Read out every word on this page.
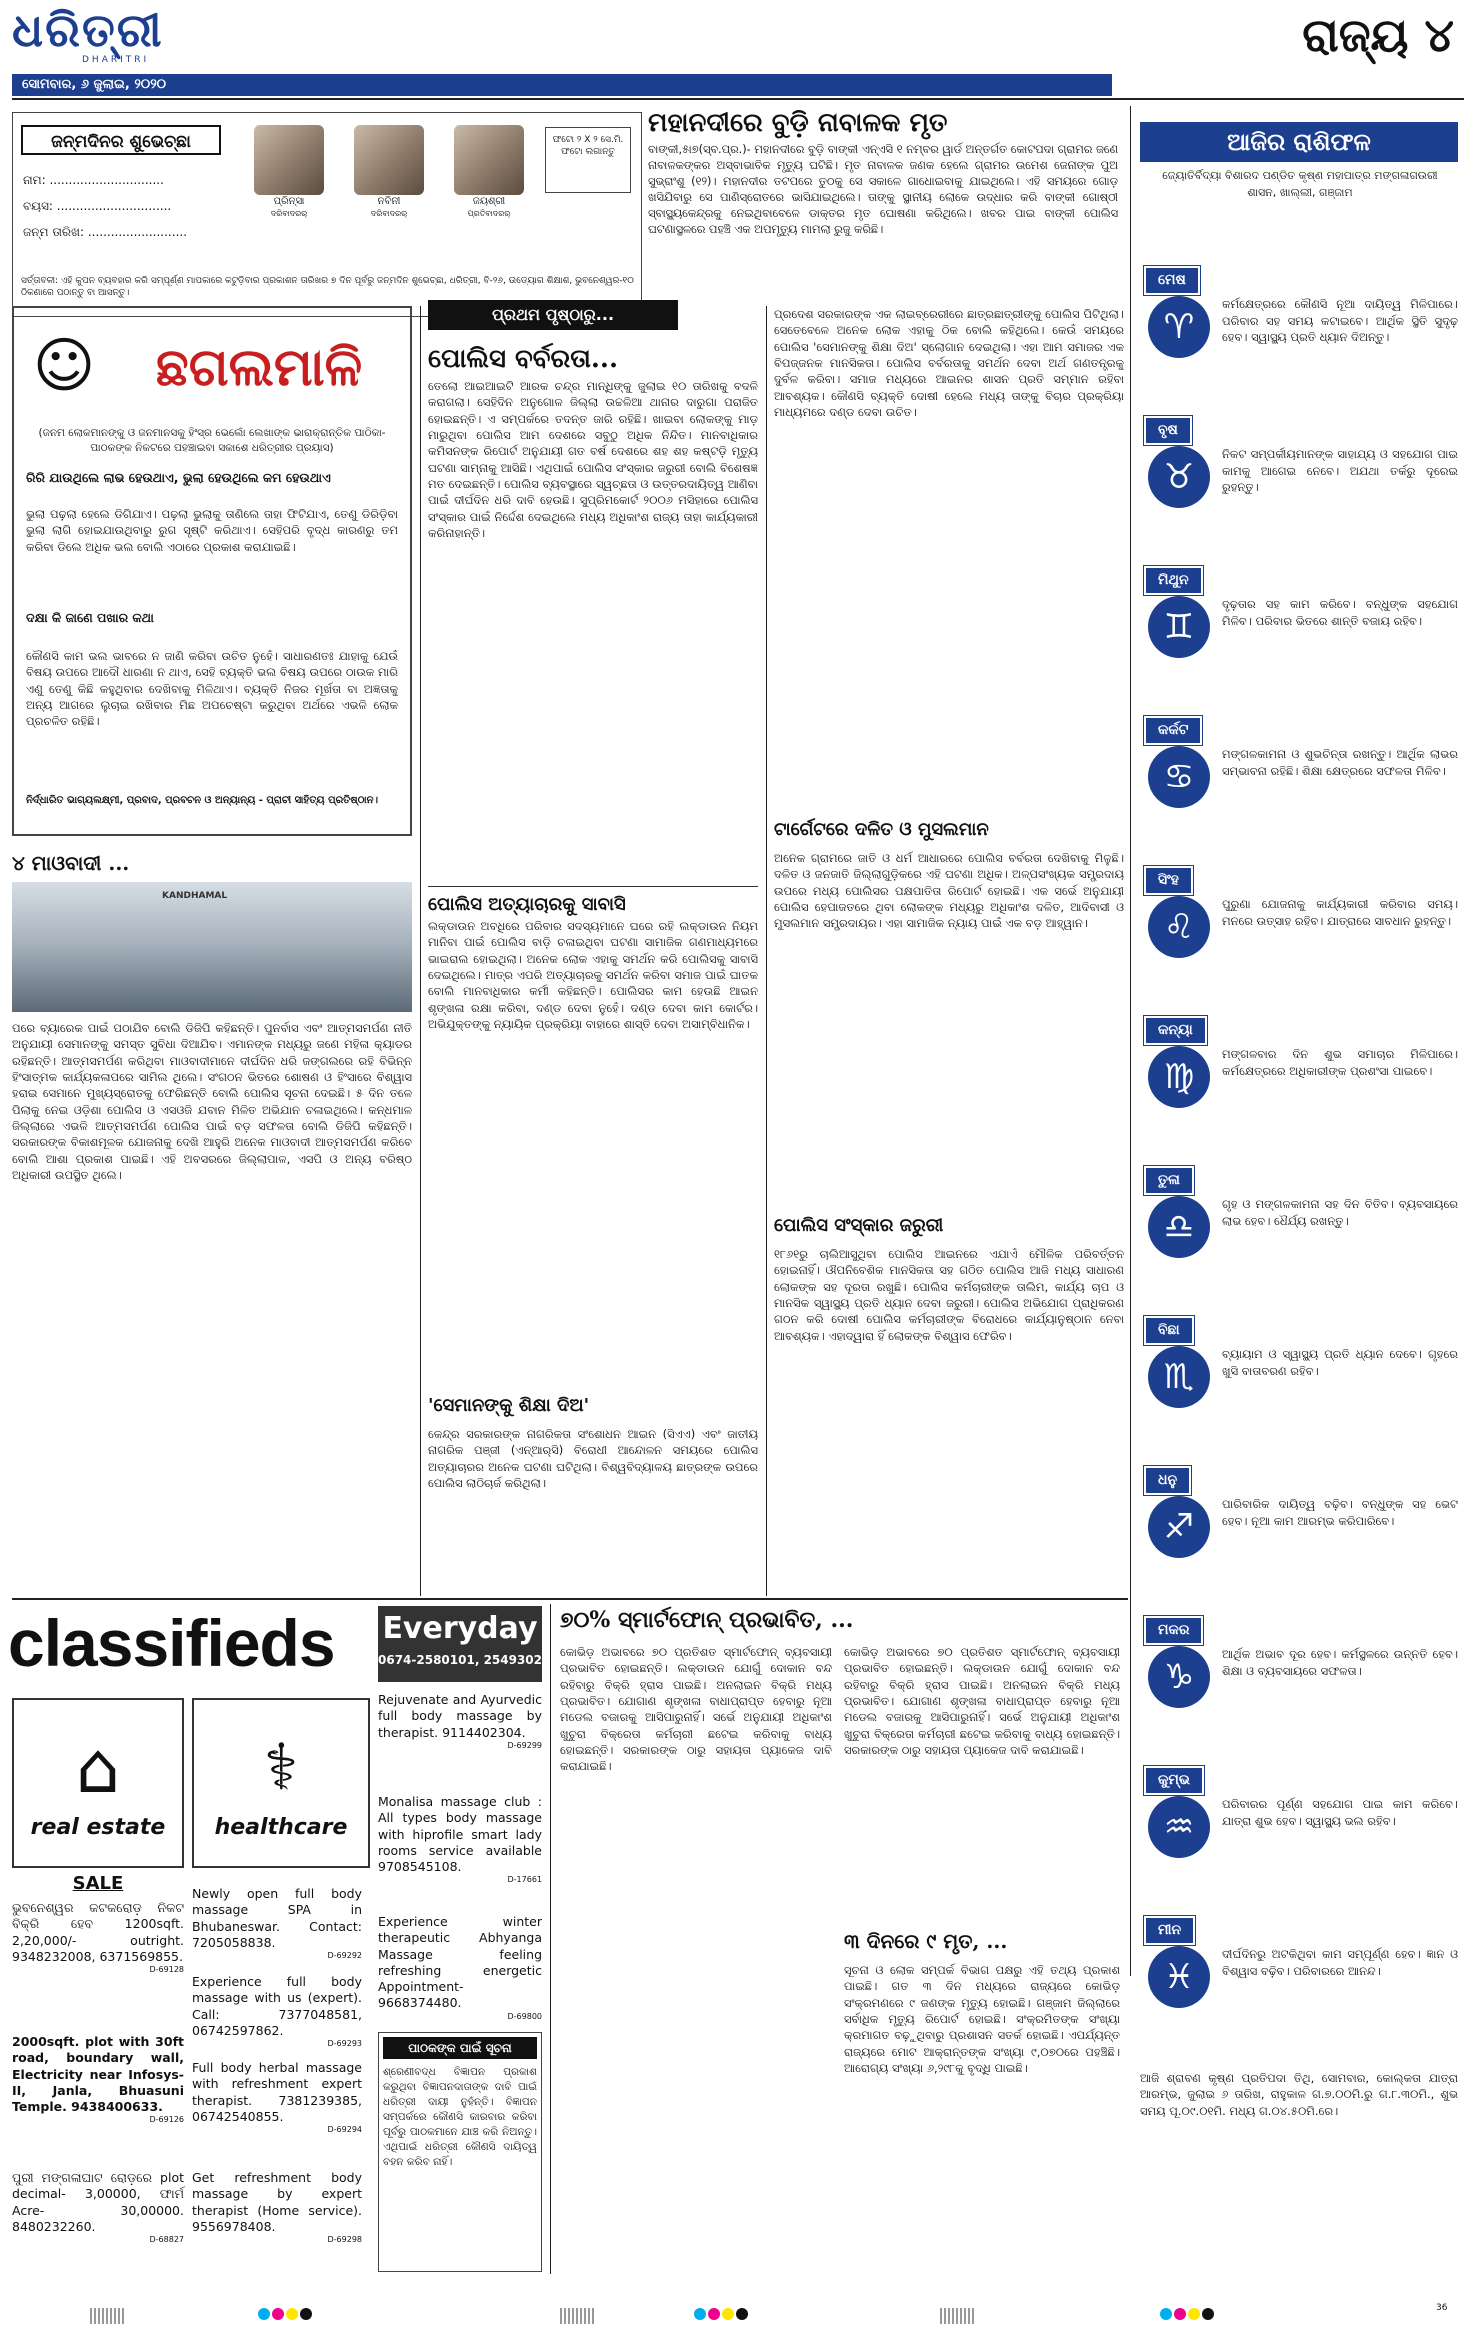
ଧରିତ୍ରୀ
DHARITRI
ସୋମବାର, ୬ ଜୁଲାଇ, ୨୦୨୦
ରାଜ୍ୟ ୪
ଜନ୍ମଦିନର ଶୁଭେଚ୍ଛା
ନାମ: ..............................
ବୟସ: ..............................
ଜନ୍ମ ତାରିଖ: ..........................
ପ୍ରିନ୍ସା
ଦରିବାଦରର୍
ନବିନୀ
ଦରିବାଦରର୍
ଜୟଶ୍ରୀ
ପ୍ରତିବାଦରର୍
ଫଟୋ ୨ X ୨ ସେ.ମି. ଫଟୋ ଲଗାନ୍ତୁ
ସର୍ତ୍ତାବଳୀ: ଏହି କୁପନ ବ୍ୟବହାର କରି ସମ୍ପୂର୍ଣ୍ଣ ମାପକାରେ କଟୁଡ଼ିବାର ପ୍ରକାଶନ ତାରିଖର ୭ ଦିନ ପୂର୍ବରୁ ଜନ୍ମଦିନ ଶୁଭେଚ୍ଛା, ଧରିତ୍ରୀ, ବି-୨୬, ଉଡ୍ୟୋଗ ଶିକ୍ଷାଶ, ଭୁବନେଶ୍ୱର-୧୦ ଠିକଣାରେ ପଠାନ୍ତୁ ବା ଆସନ୍ତୁ।
ମହାନଦୀରେ ବୁଡ଼ି ନାବାଳକ ମୃତ
ବାଙ୍କୀ,୫ା୭(ସ୍ବ.ପ୍ର.)- ମହାନଦୀରେ ବୁଡ଼ି ବାଙ୍କୀ ଏନ୍‌ଏସି ୧ ନମ୍ବର ୱାର୍ଡ ଅନ୍ତର୍ଗତ କୋଟପଦା ଗ୍ରାମର ଜଣେ ନାବାଳକଙ୍କର ଅସ୍ବାଭାବିକ ମୃତ୍ୟୁ ଘଟିଛି। ମୃତ ନାବାଳକ ଜଣକ ହେଲେ ଗ୍ରାମର ଉମେଶ ଜେନାଙ୍କ ପୁଅ ସୁଭ୍ରାଂଶୁ (୧୨)। ମହାନଦୀର ତଟପରେ ତୁଠକୁ ସେ ସକାଳେ ଗାଧୋଇବାକୁ ଯାଇଥିଲେ। ଏହି ସମୟରେ ଗୋଡ଼ ଖସିଯିବାରୁ ସେ ପାଣିସ୍ରୋତରେ ଭାସିଯାଇଥିଲେ। ତାଙ୍କୁ ସ୍ଥାନୀୟ ଲୋକେ ଉଦ୍ଧାର କରି ବାଙ୍କୀ ଗୋଷ୍ଠୀ ସ୍ବାସ୍ଥ୍ୟକେନ୍ଦ୍ରକୁ ନେଇଥିବାବେଳେ ଡାକ୍ତର ମୃତ ଘୋଷଣା କରିଥିଲେ। ଖବର ପାଇ ବାଙ୍କୀ ପୋଲିସ ଘଟଣାସ୍ଥଳରେ ପହଞ୍ଚି ଏକ ଅପମୃତ୍ୟୁ ମାମଲା ରୁଜୁ କରିଛି।
ଆଜିର ରାଶିଫଳ
ଜ୍ୟୋତିର୍ବିଦ୍ୟା ବିଶାରଦ ପଣ୍ଡିତ କୃଷ୍ଣ ମହାପାତ୍ର ମଙ୍ଗଳାଗଉରୀ ଶାସନ, ଖାଲ୍ଲୀ, ଗଞ୍ଜାମ
ମେଷ
♈
କର୍ମକ୍ଷେତ୍ରରେ କୌଣସି ନୂଆ ଦାୟିତ୍ୱ ମିଳିପାରେ। ପରିବାର ସହ ସମୟ କଟାଇବେ। ଆର୍ଥିକ ସ୍ଥିତି ସୁଦୃଢ଼ ହେବ। ସ୍ୱାସ୍ଥ୍ୟ ପ୍ରତି ଧ୍ୟାନ ଦିଅନ୍ତୁ।
ବୃଷ
♉
ନିକଟ ସମ୍ପର୍କୀୟମାନଙ୍କ ସାହାଯ୍ୟ ଓ ସହଯୋଗ ପାଇ କାମକୁ ଆଗେଇ ନେବେ। ଅଯଥା ତର୍କରୁ ଦୂରେଇ ରୁହନ୍ତୁ।
ମିଥୁନ
♊
ଦୃଢ଼ତାର ସହ କାମ କରିବେ। ବନ୍ଧୁଙ୍କ ସହଯୋଗ ମିଳିବ। ପରିବାର ଭିତରେ ଶାନ୍ତି ବଜାୟ ରହିବ।
କର୍କଟ
♋
ମଙ୍ଗଳକାମନା ଓ ଶୁଭଚିନ୍ତା ରଖନ୍ତୁ। ଆର୍ଥିକ ଲାଭର ସମ୍ଭାବନା ରହିଛି। ଶିକ୍ଷା କ୍ଷେତ୍ରରେ ସଫଳତା ମିଳିବ।
ସିଂହ
♌
ପୁରୁଣା ଯୋଜନାକୁ କାର୍ଯ୍ୟକାରୀ କରିବାର ସମୟ। ମନରେ ଉତ୍ସାହ ରହିବ। ଯାତ୍ରାରେ ସାବଧାନ ରୁହନ୍ତୁ।
କନ୍ୟା
♍
ମଙ୍ଗଳବାର ଦିନ ଶୁଭ ସମାଚାର ମିଳିପାରେ। କର୍ମକ୍ଷେତ୍ରରେ ଅଧିକାରୀଙ୍କ ପ୍ରଶଂସା ପାଇବେ।
ତୁଳା
♎
ଗୃହ ଓ ମଙ୍ଗଳକାମନା ସହ ଦିନ ବିତିବ। ବ୍ୟବସାୟରେ ଲାଭ ହେବ। ଧୈର୍ଯ୍ୟ ରଖନ୍ତୁ।
ବିଛା
♏
ବ୍ୟାୟାମ ଓ ସ୍ୱାସ୍ଥ୍ୟ ପ୍ରତି ଧ୍ୟାନ ଦେବେ। ଗୃହରେ ଖୁସି ବାତାବରଣ ରହିବ।
ଧନୁ
♐
ପାରିବାରିକ ଦାୟିତ୍ୱ ବଢ଼ିବ। ବନ୍ଧୁଙ୍କ ସହ ଭେଟ ହେବ। ନୂଆ କାମ ଆରମ୍ଭ କରିପାରିବେ।
ମକର
♑
ଆର୍ଥିକ ଅଭାବ ଦୂର ହେବ। କର୍ମସ୍ଥଳରେ ଉନ୍ନତି ହେବ। ଶିକ୍ଷା ଓ ବ୍ୟବସାୟରେ ସଫଳତା।
କୁମ୍ଭ
♒
ପରିବାରର ପୂର୍ଣ୍ଣ ସହଯୋଗ ପାଇ କାମ କରିବେ। ଯାତ୍ରା ଶୁଭ ହେବ। ସ୍ୱାସ୍ଥ୍ୟ ଭଲ ରହିବ।
ମୀନ
♓
ଦୀର୍ଘଦିନରୁ ଅଟକିଥିବା କାମ ସମ୍ପୂର୍ଣ୍ଣ ହେବ। ଜ୍ଞାନ ଓ ବିଶ୍ୱାସ ବଢ଼ିବ। ପରିବାରରେ ଆନନ୍ଦ।
ଆଜି ଶ୍ରାବଣ କୃଷ୍ଣ ପ୍ରତିପଦା ତିଥି, ସୋମବାର, କୋଲ୍‌କତା ଯାତ୍ରା ଆରମ୍ଭ, ଜୁଲାଇ ୬ ତାରିଖ, ରାହୁକାଳ ଗ.୭.୦୦ମି.ରୁ ଗ.୮.୩୦ମି., ଶୁଭ ସମୟ ପୂ.୦୯.୦୧ମି. ମଧ୍ୟ ଗ.୦୪.୫୦ମି.ରେ।
☺	ଛଗଲମାଳି
(ଜନମ ଲୋକମାନଙ୍କୁ ଓ ଜନମାନସକୁ ହିଂସ୍ର ଭେଲୋଁ ଲେଖାଙ୍କ ଭାରାକ୍ରାନ୍ତିକ ପାଠିକା-ପାଠକଙ୍କ ନିକଟରେ ପହଞ୍ଚାଇବା ସକାଶେ ଧରିତ୍ରୀର ପ୍ରୟାସ)
ରିରି ଯାଉଥିଲେ ଲାଭ ହେଉଥାଏ, ଭୁଲା ହେଉଥିଲେ କମ ହେଉଥାଏ
ଭୁଲା ପଢ଼ଲା ହେଲେ ଡିଗିଯାଏ। ପଢ଼ଲା ଭୁଲାକୁ ତାଣିଲେ ତାହା ଫିଟିଯାଏ, ତେଣୁ ଡିରିଡ଼ିବା ଭୁଲା ଲାଗି ହୋଇଯାଉଥିବାରୁ ରୁଗ ସୃଷ୍ଟି କରିଥାଏ। ସେହିପରି ବୃଦ୍ଧ କାରଣରୁ ତମ କରିବା ଡିଲେ ଅଧିକ ଭଲ ବୋଲି ଏଠାରେ ପ୍ରକାଶ କରାଯାଇଛି।
ଦକ୍ଷା କି ଜାଣେ ପଖାର କଥା
କୌଣସି କାମ ଭଲ ଭାବରେ ନ ଜାଣି କରିବା ଉଚିତ ନୁହେଁ। ସାଧାରଣତଃ ଯାହାକୁ ଯେଉଁ ବିଷୟ ଉପରେ ଆଦୌ ଧାରଣା ନ ଥାଏ, ସେହି ବ୍ୟକ୍ତି ଭଲ ବିଷୟ ଉପରେ ଠାଉକ ମାରି ଏଣୁ ତେଣୁ କିଛି କହୁଥିବାର ଦେଖିବାକୁ ମିଳିଥାଏ। ବ୍ୟକ୍ତି ନିଜର ମୂର୍ଖତା ବା ଅଜ୍ଞତାକୁ ଅନ୍ୟ ଆଗରେ ଲୁଚାଇ ରଖିବାର ମିଛ ଅପଚେଷ୍ଟା କରୁଥିବା ଅର୍ଥରେ ଏଭଳି ଲୋକ ପ୍ରଚଳିତ ରହିଛି।
ନିର୍ଦ୍ଧାରିତ ଭାଗ୍ୟଲକ୍ଷ୍ମୀ, ପ୍ରବାଦ, ପ୍ରବଚନ ଓ ଅନ୍ୟାନ୍ୟ - ପ୍ରାଚୀ ସାହିତ୍ୟ ପ୍ରତିଷ୍ଠାନ।
୪ ମାଓବାଦୀ ...
KANDHAMAL
ପରେ ବ୍ୟାରେକ ପାଇଁ ପଠାଯିବ ବୋଲି ଡିଜିପି କହିଛନ୍ତି। ପୁନର୍ବାସ ଏବଂ ଆତ୍ମସମର୍ପଣ ନୀତି ଅନୁଯାୟୀ ସେମାନଙ୍କୁ ସମସ୍ତ ସୁବିଧା ଦିଆଯିବ। ଏମାନଙ୍କ ମଧ୍ୟରୁ ଜଣେ ମହିଳା କ୍ୟାଡର ରହିଛନ୍ତି। ଆତ୍ମସମର୍ପଣ କରିଥିବା ମାଓବାଦୀମାନେ ଦୀର୍ଘଦିନ ଧରି ଜଙ୍ଗଲରେ ରହି ବିଭିନ୍ନ ହିଂସାତ୍ମକ କାର୍ଯ୍ୟକଳାପରେ ସାମିଲ ଥିଲେ। ସଂଗଠନ ଭିତରେ ଶୋଷଣ ଓ ହିଂସାରେ ବିଶ୍ୱାସ ହରାଇ ସେମାନେ ମୁଖ୍ୟସ୍ରୋତକୁ ଫେରିଛନ୍ତି ବୋଲି ପୋଲିସ ସୂଚନା ଦେଇଛି। ୫ ଦିନ ତଳେ ପିଲାକୁ ନେଇ ଓଡ଼ିଶା ପୋଲିସ ଓ ଏସଓଜି ଯବାନ ମିଳିତ ଅଭିଯାନ ଚଳାଇଥିଲେ। କନ୍ଧମାଳ ଜିଲ୍ଲାରେ ଏଭଳି ଆତ୍ମସମର୍ପଣ ପୋଲିସ ପାଇଁ ବଡ଼ ସଫଳତା ବୋଲି ଡିଜିପି କହିଛନ୍ତି। ସରକାରଙ୍କ ବିକାଶମୂଳକ ଯୋଜନାକୁ ଦେଖି ଆହୁରି ଅନେକ ମାଓବାଦୀ ଆତ୍ମସମର୍ପଣ କରିବେ ବୋଲି ଆଶା ପ୍ରକାଶ ପାଇଛି। ଏହି ଅବସରରେ ଜିଲ୍ଲାପାଳ, ଏସପି ଓ ଅନ୍ୟ ବରିଷ୍ଠ ଅଧିକାରୀ ଉପସ୍ଥିତ ଥିଲେ।
ପ୍ରଥମ ପୃଷ୍ଠାରୁ...
ପୋଲିସ ବର୍ବରତା...
ତେଲୋ ଆଇଆଇଟି ଆରକ ଚନ୍ଦ୍ର ମାନ୍ଧିଙ୍କୁ ଜୁଲାଇ ୧୦ ତାରିଖକୁ ବଦଳି କରାଗଲା। ସେହିଦିନ ଅନୁଗୋଳ ଜିଲ୍ଲା ଉଚ୍ଚଳିଆ ଥାନାର ଦାରୁଗା ପରାଜିତ ହୋଇଛନ୍ତି। ଏ ସମ୍ପର୍କରେ ତଦନ୍ତ ଜାରି ରହିଛି। ଖାଇବା ଲୋକଙ୍କୁ ମାଡ଼ ମାରୁଥିବା ପୋଲିସ ଆମ ଦେଶରେ ସବୁଠୁ ଅଧିକ ନିନ୍ଦିତ। ମାନବାଧିକାର କମିସନଙ୍କ ରିପୋର୍ଟ ଅନୁଯାୟୀ ଗତ ବର୍ଷ ଦେଶରେ ଶହ ଶହ କଷ୍ଟଡ଼ି ମୃତ୍ୟୁ ଘଟଣା ସାମ୍ନାକୁ ଆସିଛି। ଏଥିପାଇଁ ପୋଲିସ ସଂସ୍କାର ଜରୁରୀ ବୋଲି ବିଶେଷଜ୍ଞ ମତ ଦେଇଛନ୍ତି। ପୋଲିସ ବ୍ୟବସ୍ଥାରେ ସ୍ୱଚ୍ଛତା ଓ ଉତ୍ତରଦାୟିତ୍ୱ ଆଣିବା ପାଇଁ ଦୀର୍ଘଦିନ ଧରି ଦାବି ହେଉଛି। ସୁପ୍ରିମକୋର୍ଟ ୨୦୦୬ ମସିହାରେ ପୋଲିସ ସଂସ୍କାର ପାଇଁ ନିର୍ଦ୍ଦେଶ ଦେଇଥିଲେ ମଧ୍ୟ ଅଧିକାଂଶ ରାଜ୍ୟ ତାହା କାର୍ଯ୍ୟକାରୀ କରିନାହାନ୍ତି।
ପୋଲିସ ଅତ୍ୟାଚାରକୁ ସାବାସି
ଲକ୍‌ଡାଉନ ଅବଧିରେ ପରିବାର ସଦସ୍ୟମାନେ ଘରେ ରହି ଲକ୍‌ଡାଉନ ନିୟମ ମାନିବା ପାଇଁ ପୋଲିସ ବାଡ଼ି ଚଳାଇଥିବା ଘଟଣା ସାମାଜିକ ଗଣମାଧ୍ୟମରେ ଭାଇରାଲ ହୋଇଥିଲା। ଅନେକ ଲୋକ ଏହାକୁ ସମର୍ଥନ କରି ପୋଲିସକୁ ସାବାସି ଦେଇଥିଲେ। ମାତ୍ର ଏପରି ଅତ୍ୟାଚାରକୁ ସମର୍ଥନ କରିବା ସମାଜ ପାଇଁ ଘାତକ ବୋଲି ମାନବାଧିକାର କର୍ମୀ କହିଛନ୍ତି। ପୋଲିସର କାମ ହେଉଛି ଆଇନ ଶୃଙ୍ଖଳା ରକ୍ଷା କରିବା, ଦଣ୍ଡ ଦେବା ନୁହେଁ। ଦଣ୍ଡ ଦେବା କାମ କୋର୍ଟର। ଅଭିଯୁକ୍ତଙ୍କୁ ନ୍ୟାୟିକ ପ୍ରକ୍ରିୟା ବାହାରେ ଶାସ୍ତି ଦେବା ଅସାମ୍ବିଧାନିକ।
'ସେମାନଙ୍କୁ ଶିକ୍ଷା ଦିଅ'
କେନ୍ଦ୍ର ସରକାରଙ୍କ ନାଗରିକତା ସଂଶୋଧନ ଆଇନ (ସିଏଏ) ଏବଂ ଜାତୀୟ ନାଗରିକ ପଞ୍ଜୀ (ଏନ୍‌ଆର୍‌ସି) ବିରୋଧୀ ଆନ୍ଦୋଳନ ସମୟରେ ପୋଲିସ ଅତ୍ୟାଚାରର ଅନେକ ଘଟଣା ଘଟିଥିଲା। ବିଶ୍ୱବିଦ୍ୟାଳୟ ଛାତ୍ରଙ୍କ ଉପରେ ପୋଲିସ ଲାଠିଚାର୍ଜ କରିଥିଲା।
ପ୍ରଦେଶ ସରକାରଙ୍କ ଏକ ଲାଇବ୍ରେରୀରେ ଛାତ୍ରଛାତ୍ରୀଙ୍କୁ ପୋଲିସ ପିଟିଥିଲା। ସେତେବେଳେ ଅନେକ ଲୋକ ଏହାକୁ ଠିକ ବୋଲି କହିଥିଲେ। କେଉଁ ସମୟରେ ପୋଲିସ 'ସେମାନଙ୍କୁ ଶିକ୍ଷା ଦିଅ' ସ୍ଲୋଗାନ ଦେଇଥିଲା। ଏହା ଆମ ସମାଜର ଏକ ବିପଜ୍ଜନକ ମାନସିକତା। ପୋଲିସ ବର୍ବରତାକୁ ସମର୍ଥନ ଦେବା ଅର୍ଥ ଗଣତନ୍ତ୍ରକୁ ଦୁର୍ବଳ କରିବା। ସମାଜ ମଧ୍ୟରେ ଆଇନର ଶାସନ ପ୍ରତି ସମ୍ମାନ ରହିବା ଆବଶ୍ୟକ। କୌଣସି ବ୍ୟକ୍ତି ଦୋଷୀ ହେଲେ ମଧ୍ୟ ତାଙ୍କୁ ବିଚାର ପ୍ରକ୍ରିୟା ମାଧ୍ୟମରେ ଦଣ୍ଡ ଦେବା ଉଚିତ।
ଟାର୍ଗେଟରେ ଦଳିତ ଓ ମୁସଲମାନ
ଅନେକ ଗ୍ରାମରେ ଜାତି ଓ ଧର୍ମ ଆଧାରରେ ପୋଲିସ ବର୍ବରତା ଦେଖିବାକୁ ମିଳୁଛି। ଦଳିତ ଓ ଜନଜାତି ଜିଲ୍ଲାଗୁଡ଼ିକରେ ଏହି ଘଟଣା ଅଧିକ। ଅଳ୍ପସଂଖ୍ୟକ ସମ୍ପ୍ରଦାୟ ଉପରେ ମଧ୍ୟ ପୋଲିସର ପକ୍ଷପାତିତା ରିପୋର୍ଟ ହୋଇଛି। ଏକ ସର୍ଭେ ଅନୁଯାୟୀ ପୋଲିସ ହେପାଜତରେ ଥିବା ଲୋକଙ୍କ ମଧ୍ୟରୁ ଅଧିକାଂଶ ଦଳିତ, ଆଦିବାସୀ ଓ ମୁସଲମାନ ସମ୍ପ୍ରଦାୟର। ଏହା ସାମାଜିକ ନ୍ୟାୟ ପାଇଁ ଏକ ବଡ଼ ଆହ୍ୱାନ।
ପୋଲିସ ସଂସ୍କାର ଜରୁରୀ
୧୮୬୧ରୁ ଚାଲିଆସୁଥିବା ପୋଲିସ ଆଇନରେ ଏଯାଏଁ ମୌଳିକ ପରିବର୍ତ୍ତନ ହୋଇନାହିଁ। ଔପନିବେଶିକ ମାନସିକତା ସହ ଗଠିତ ପୋଲିସ ଆଜି ମଧ୍ୟ ସାଧାରଣ ଲୋକଙ୍କ ସହ ଦୂରତା ରଖୁଛି। ପୋଲିସ କର୍ମଚାରୀଙ୍କ ତାଲିମ, କାର୍ଯ୍ୟ ଚାପ ଓ ମାନସିକ ସ୍ୱାସ୍ଥ୍ୟ ପ୍ରତି ଧ୍ୟାନ ଦେବା ଜରୁରୀ। ପୋଲିସ ଅଭିଯୋଗ ପ୍ରାଧିକରଣ ଗଠନ କରି ଦୋଷୀ ପୋଲିସ କର୍ମଚାରୀଙ୍କ ବିରୋଧରେ କାର୍ଯ୍ୟାନୁଷ୍ଠାନ ନେବା ଆବଶ୍ୟକ। ଏହାଦ୍ୱାରା ହିଁ ଲୋକଙ୍କ ବିଶ୍ୱାସ ଫେରିବ।
classifieds	Everyday
0674-2580101, 2549302
⌂
real estate
⚕
healthcare
SALE
ଭୁବନେଶ୍ୱର କଟକରୋଡ଼ ନିକଟ ବିକ୍ରି ହେବ 1200sqft. 2,20,000/- outright. 9348232008, 6371569855.
D-69128
2000sqft. plot with 30ft road, boundary wall, Electricity near Infosys-II, Janla, Bhuasuni Temple. 9438400633.
D-69126
ପୁରୀ ମଙ୍ଗଳାଘାଟ ରୋଡ଼ରେ plot decimal- 3,00000, ଫାର୍ମ Acre- 30,00000. 8480232260.
D-68827
Newly open full body massage SPA in Bhubaneswar. Contact: 7205058838.
D-69292
Experience full body massage with us (expert). Call: 7377048581, 06742597862.
D-69293
Full body herbal massage with refreshment expert therapist. 7381239385, 06742540855.
D-69294
Get refreshment body massage by expert therapist (Home service). 9556978408.
D-69298
Rejuvenate and Ayurvedic full body massage by therapist. 9114402304.
D-69299
Monalisa massage club : All types body massage with hiprofile smart lady rooms service available 9708545108.
D-17661
Experience winter therapeutic Abhyanga Massage feeling refreshing energetic Appointment-9668374480.
D-69800
ପାଠକଙ୍କ ପାଇଁ ସୂଚନା
ଶ୍ରେଣୀବଦ୍ଧ ବିଜ୍ଞାପନ ପ୍ରକାଶ କରୁଥିବା ବିଜ୍ଞାପନଦାତାଙ୍କ ଦାବି ପାଇଁ ଧରିତ୍ରୀ ଦାୟୀ ନୁହଁନ୍ତି। ବିଜ୍ଞାପନ ସମ୍ପର୍କରେ କୌଣସି କାରବାର କରିବା ପୂର୍ବରୁ ପାଠକମାନେ ଯାଞ୍ଚ କରି ନିଅନ୍ତୁ। ଏଥିପାଇଁ ଧରିତ୍ରୀ କୌଣସି ଦାୟିତ୍ୱ ବହନ କରିବ ନାହିଁ।
୭୦% ସ୍ମାର୍ଟଫୋନ୍ ପ୍ରଭାବିତ, ...
କୋଭିଡ଼ ଅଭାବରେ ୭୦ ପ୍ରତିଶତ ସ୍ମାର୍ଟଫୋନ୍ ବ୍ୟବସାୟୀ ପ୍ରଭାବିତ ହୋଇଛନ୍ତି। ଲକ୍‌ଡାଉନ ଯୋଗୁଁ ଦୋକାନ ବନ୍ଦ ରହିବାରୁ ବିକ୍ରି ହ୍ରାସ ପାଇଛି। ଅନଲାଇନ ବିକ୍ରି ମଧ୍ୟ ପ୍ରଭାବିତ। ଯୋଗାଣ ଶୃଙ୍ଖଳା ବାଧାପ୍ରାପ୍ତ ହେବାରୁ ନୂଆ ମଡେଲ ବଜାରକୁ ଆସିପାରୁନାହିଁ। ସର୍ଭେ ଅନୁଯାୟୀ ଅଧିକାଂଶ ଖୁଚୁରା ବିକ୍ରେତା କର୍ମଚାରୀ ଛଟେଇ କରିବାକୁ ବାଧ୍ୟ ହୋଇଛନ୍ତି। ସରକାରଙ୍କ ଠାରୁ ସହାୟତା ପ୍ୟାକେଜ ଦାବି କରାଯାଇଛି।
କୋଭିଡ଼ ଅଭାବରେ ୭୦ ପ୍ରତିଶତ ସ୍ମାର୍ଟଫୋନ୍ ବ୍ୟବସାୟୀ ପ୍ରଭାବିତ ହୋଇଛନ୍ତି। ଲକ୍‌ଡାଉନ ଯୋଗୁଁ ଦୋକାନ ବନ୍ଦ ରହିବାରୁ ବିକ୍ରି ହ୍ରାସ ପାଇଛି। ଅନଲାଇନ ବିକ୍ରି ମଧ୍ୟ ପ୍ରଭାବିତ। ଯୋଗାଣ ଶୃଙ୍ଖଳା ବାଧାପ୍ରାପ୍ତ ହେବାରୁ ନୂଆ ମଡେଲ ବଜାରକୁ ଆସିପାରୁନାହିଁ। ସର୍ଭେ ଅନୁଯାୟୀ ଅଧିକାଂଶ ଖୁଚୁରା ବିକ୍ରେତା କର୍ମଚାରୀ ଛଟେଇ କରିବାକୁ ବାଧ୍ୟ ହୋଇଛନ୍ତି। ସରକାରଙ୍କ ଠାରୁ ସହାୟତା ପ୍ୟାକେଜ ଦାବି କରାଯାଇଛି।
୩ ଦିନରେ ୯ ମୃତ, ...
ସୂଚନା ଓ ଲୋକ ସମ୍ପର୍କ ବିଭାଗ ପକ୍ଷରୁ ଏହି ତଥ୍ୟ ପ୍ରକାଶ ପାଇଛି। ଗତ ୩ ଦିନ ମଧ୍ୟରେ ରାଜ୍ୟରେ କୋଭିଡ଼ ସଂକ୍ରମଣରେ ୯ ଜଣଙ୍କ ମୃତ୍ୟୁ ହୋଇଛି। ଗଞ୍ଜାମ ଜିଲ୍ଲାରେ ସର୍ବାଧିକ ମୃତ୍ୟୁ ରିପୋର୍ଟ ହୋଇଛି। ସଂକ୍ରମିତଙ୍କ ସଂଖ୍ୟା କ୍ରମାଗତ ବଢ଼ୁଥିବାରୁ ପ୍ରଶାସନ ସତର୍କ ହୋଇଛି। ଏପର୍ଯ୍ୟନ୍ତ ରାଜ୍ୟରେ ମୋଟ ଆକ୍ରାନ୍ତଙ୍କ ସଂଖ୍ୟା ୯,୦୭୦ରେ ପହଞ୍ଚିଛି। ଆରୋଗ୍ୟ ସଂଖ୍ୟା ୬,୨୯୮କୁ ବୃଦ୍ଧି ପାଇଛି।
36
